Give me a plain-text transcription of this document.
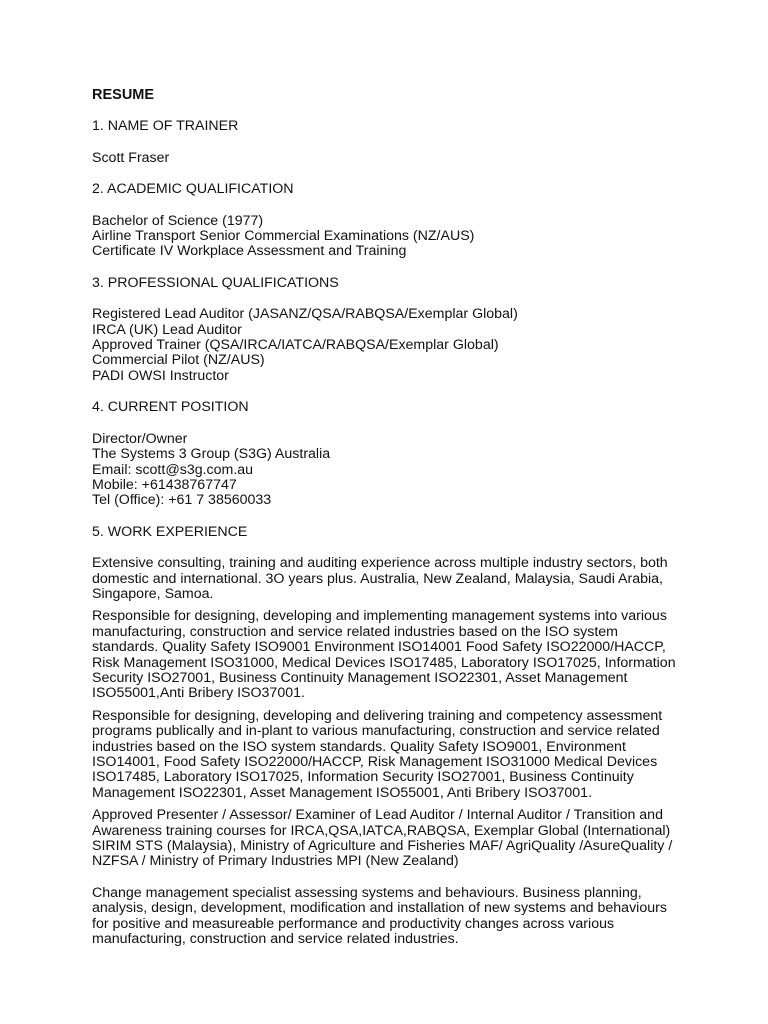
RESUME
1. NAME OF TRAINER
Scott Fraser
2. ACADEMIC QUALIFICATION
Bachelor of Science (1977)
Airline Transport Senior Commercial Examinations (NZ/AUS)
Certificate IV Workplace Assessment and Training
3. PROFESSIONAL QUALIFICATIONS
Registered Lead Auditor (JASANZ/QSA/RABQSA/Exemplar Global)
IRCA (UK) Lead Auditor
Approved Trainer (QSA/IRCA/IATCA/RABQSA/Exemplar Global)
Commercial Pilot (NZ/AUS)
PADI OWSI Instructor
4. CURRENT POSITION
Director/Owner
The Systems 3 Group (S3G) Australia
Email: scott@s3g.com.au
Mobile: +61438767747
Tel (Office): +61 7 38560033
5. WORK EXPERIENCE
Extensive consulting, training and auditing experience across multiple industry sectors, both
domestic and international. 3O years plus. Australia, New Zealand, Malaysia, Saudi Arabia,
Singapore, Samoa.
Responsible for designing, developing and implementing management systems into various
manufacturing, construction and service related industries based on the ISO system
standards. Quality Safety ISO9001 Environment ISO14001 Food Safety ISO22000/HACCP,
Risk Management ISO31000, Medical Devices ISO17485, Laboratory ISO17025, Information
Security ISO27001, Business Continuity Management ISO22301, Asset Management
ISO55001,Anti Bribery ISO37001.
Responsible for designing, developing and delivering training and competency assessment
programs publically and in-plant to various manufacturing, construction and service related
industries based on the ISO system standards. Quality Safety ISO9001, Environment
ISO14001, Food Safety ISO22000/HACCP, Risk Management ISO31000 Medical Devices
ISO17485, Laboratory ISO17025, Information Security ISO27001, Business Continuity
Management ISO22301, Asset Management ISO55001, Anti Bribery ISO37001.
Approved Presenter / Assessor/ Examiner of Lead Auditor / Internal Auditor / Transition and
Awareness training courses for IRCA,QSA,IATCA,RABQSA, Exemplar Global (International)
SIRIM STS (Malaysia), Ministry of Agriculture and Fisheries MAF/ AgriQuality /AsureQuality /
NZFSA / Ministry of Primary Industries MPI (New Zealand)
Change management specialist assessing systems and behaviours. Business planning,
analysis, design, development, modification and installation of new systems and behaviours
for positive and measureable performance and productivity changes across various
manufacturing, construction and service related industries.
